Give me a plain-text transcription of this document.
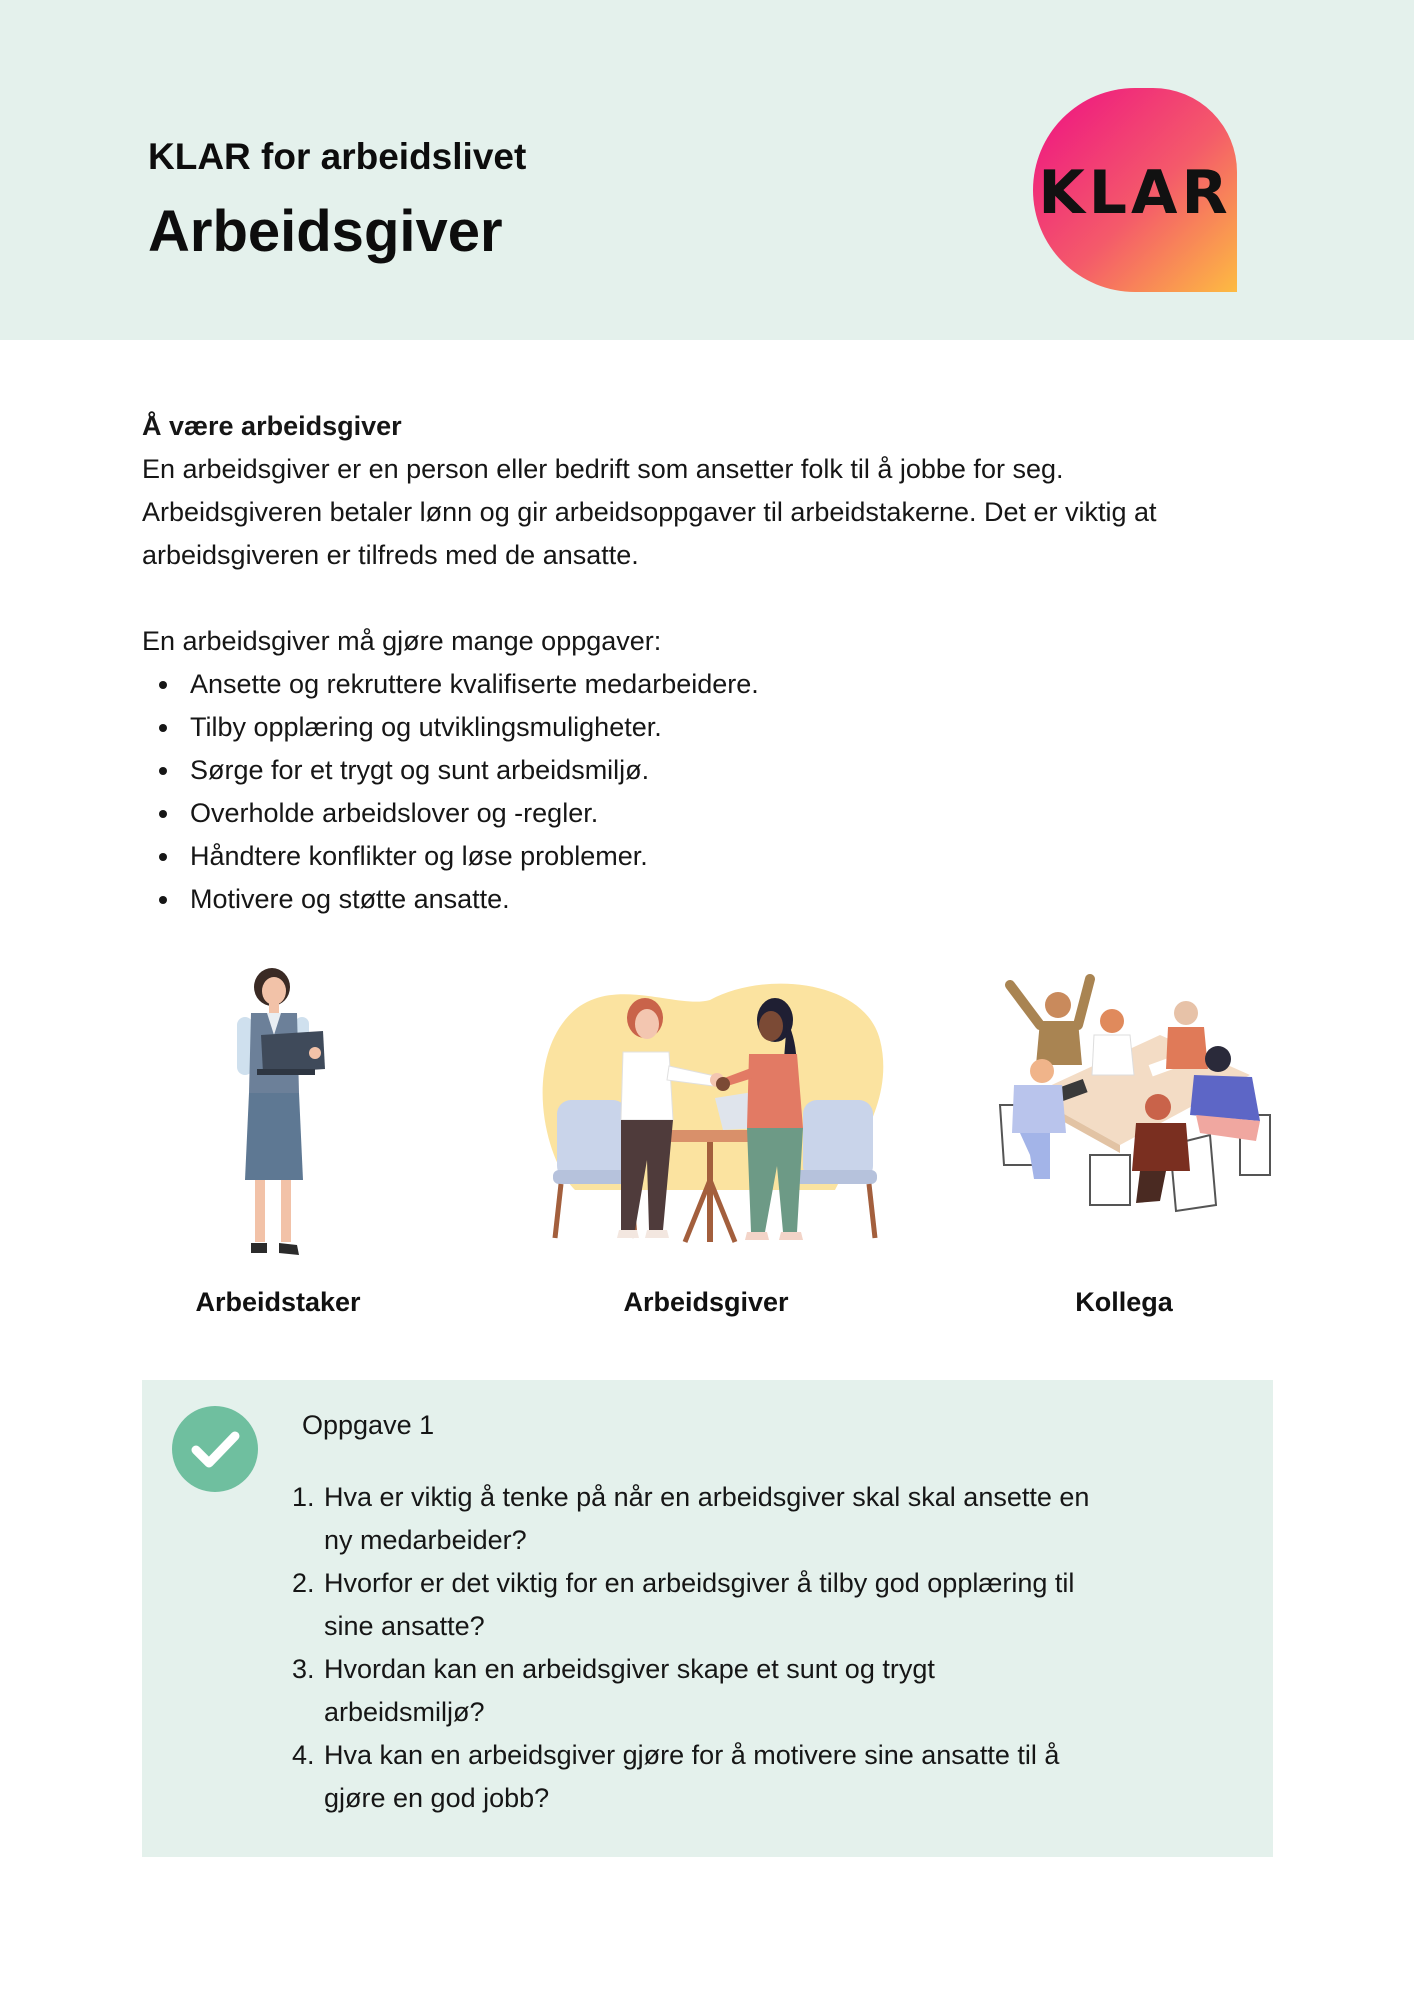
KLAR for arbeidslivet
Arbeidsgiver
KLAR

Å være arbeidsgiver

En arbeidsgiver er en person eller bedrift som ansetter folk til å jobbe for seg.

Arbeidsgiveren betaler lønn og gir arbeidsoppgaver til arbeidstakerne. Det er viktig at

arbeidsgiveren er tilfreds med de ansatte.

En arbeidsgiver må gjøre mange oppgaver:

Ansette og rekruttere kvalifiserte medarbeidere.
Tilby opplæring og utviklingsmuligheter.
Sørge for et trygt og sunt arbeidsmiljø.
Overholde arbeidslover og -regler.
Håndtere konflikter og løse problemer.
Motivere og støtte ansatte.
Arbeidstaker	Arbeidsgiver	Kollega
Oppgave 1
1. Hva er viktig å tenke på når en arbeidsgiver skal skal ansette en
ny medarbeider?
2. Hvorfor er det viktig for en arbeidsgiver å tilby god opplæring til
sine ansatte?
3. Hvordan kan en arbeidsgiver skape et sunt og trygt
arbeidsmiljø?
4. Hva kan en arbeidsgiver gjøre for å motivere sine ansatte til å
gjøre en god jobb?
